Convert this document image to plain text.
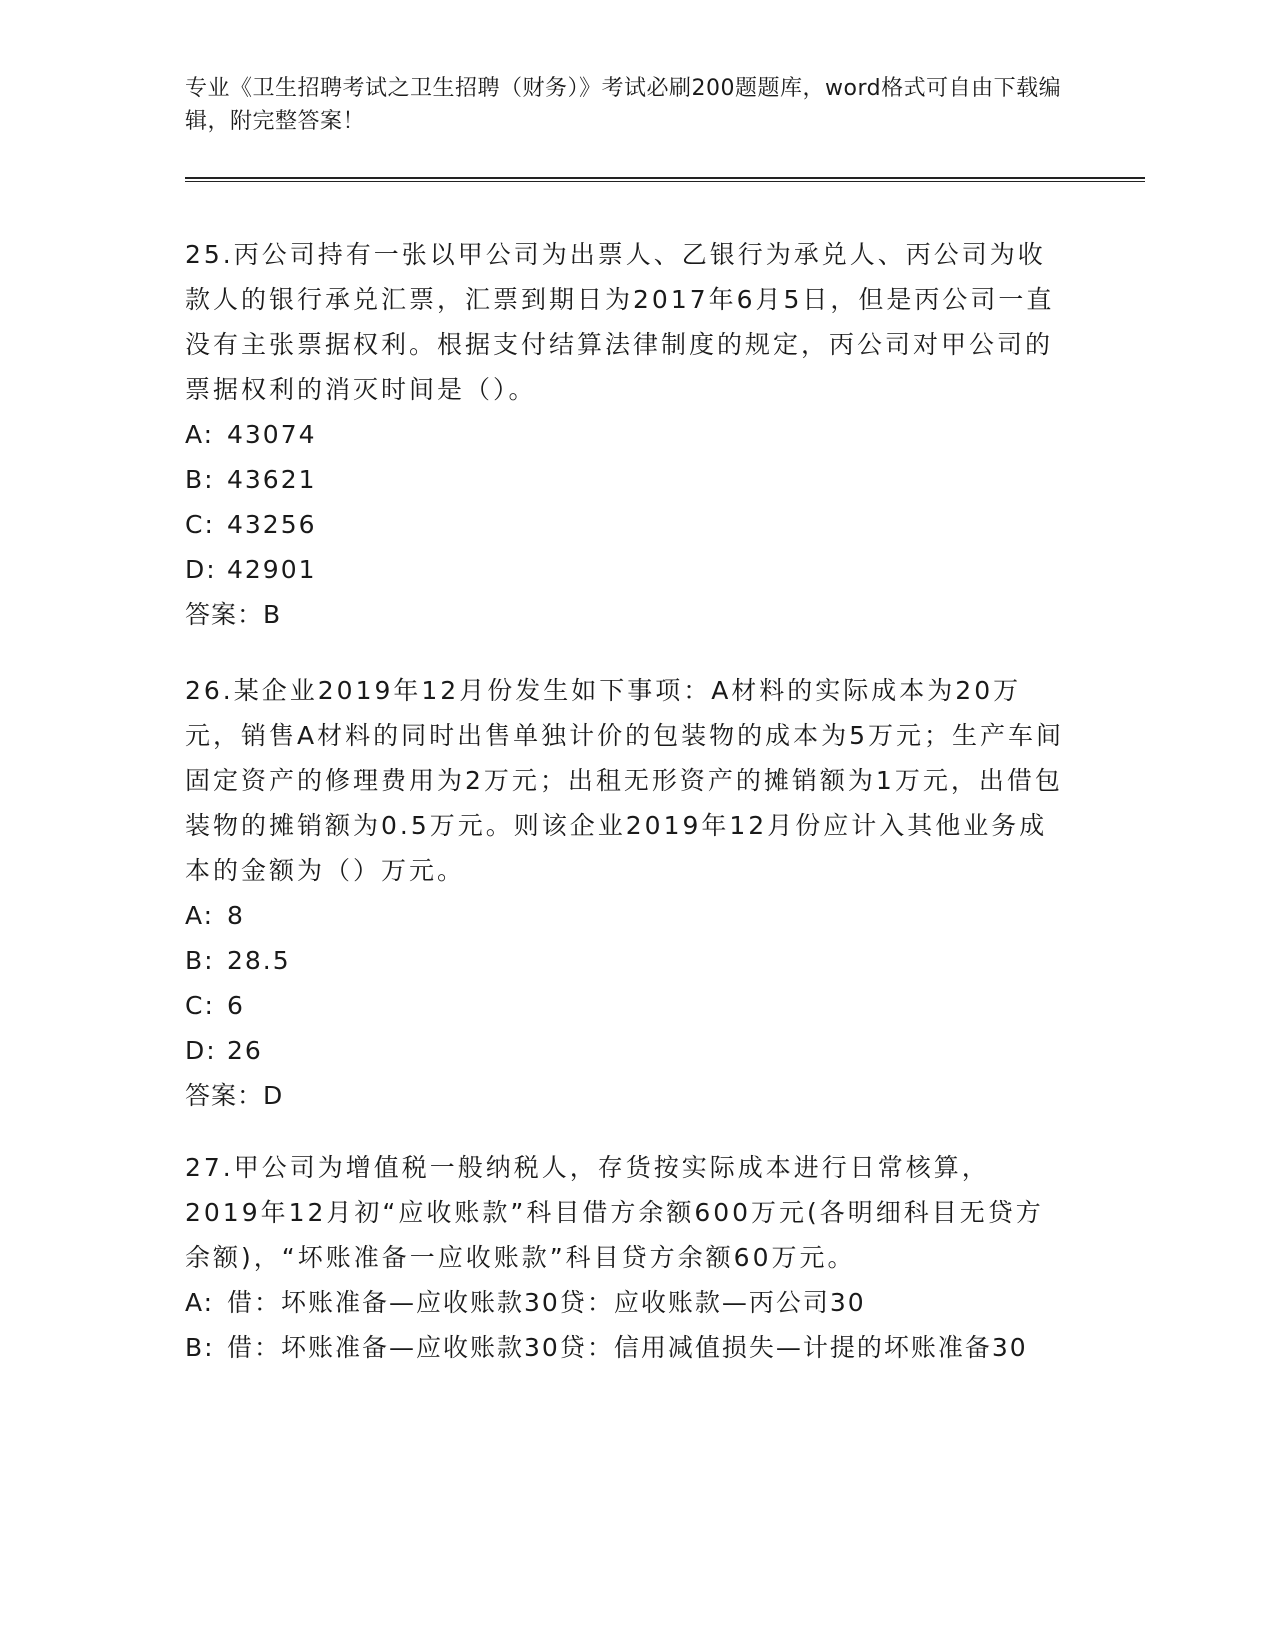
专业《卫生招聘考试之卫生招聘（财务）》考试必刷200题题库，word格式可自由下载编辑，附完整答案！

25.丙公司持有一张以甲公司为出票人、乙银行为承兑人、丙公司为收款人的银行承兑汇票，汇票到期日为2017年6月5日，但是丙公司一直没有主张票据权利。根据支付结算法律制度的规定，丙公司对甲公司的票据权利的消灭时间是（）。

A: 43074
B: 43621
C: 43256
D: 42901

答案：B

26.某企业2019年12月份发生如下事项：A材料的实际成本为20万元，销售A材料的同时出售单独计价的包装物的成本为5万元；生产车间固定资产的修理费用为2万元；出租无形资产的摊销额为1万元，出借包装物的摊销额为0.5万元。则该企业2019年12月份应计入其他业务成本的金额为（）万元。

A: 8
B: 28.5
C: 6
D: 26

答案：D

27.甲公司为增值税一般纳税人，存货按实际成本进行日常核算，2019年12月初“应收账款”科目借方余额600万元(各明细科目无贷方余额)，“坏账准备一应收账款”科目贷方余额60万元。

A: 借：坏账准备—应收账款30贷：应收账款—丙公司30
B: 借：坏账准备—应收账款30贷：信用减值损失—计提的坏账准备30
